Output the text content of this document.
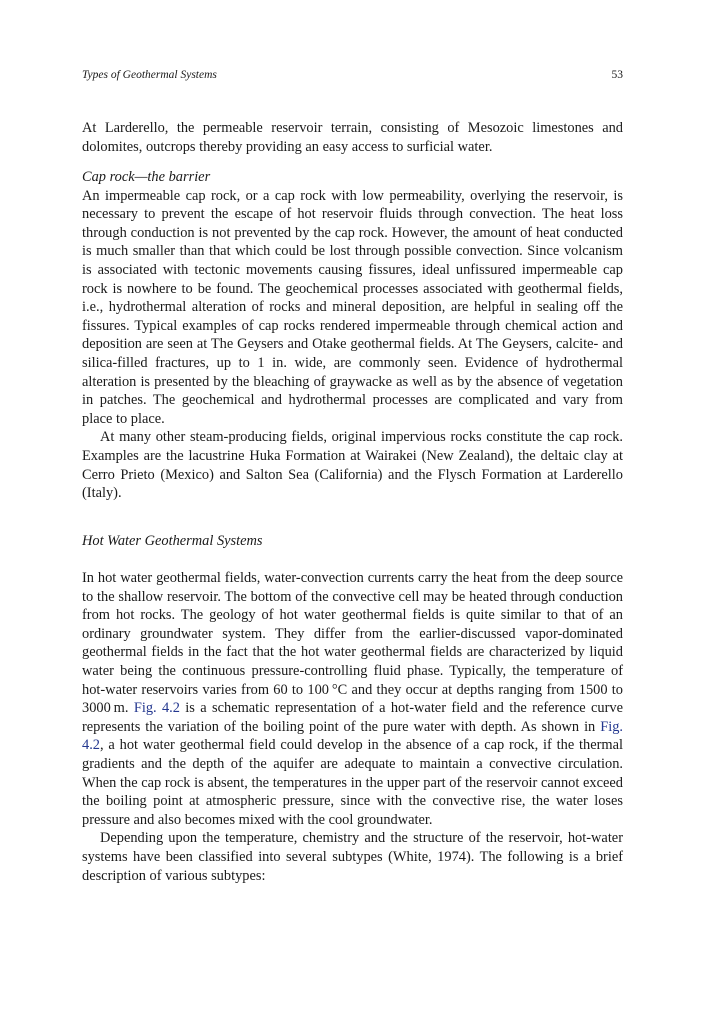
Types of Geothermal Systems	53

At Larderello, the permeable reservoir terrain, consisting of Mesozoic limestones and dolomites, outcrops thereby providing an easy access to surficial water.

Cap rock—the barrier

An impermeable cap rock, or a cap rock with low permeability, overlying the reservoir, is necessary to prevent the escape of hot reservoir fluids through convection. The heat loss through conduction is not prevented by the cap rock. However, the amount of heat conducted is much smaller than that which could be lost through possible convection. Since volcanism is associated with tectonic movements causing fissures, ideal unfissured impermeable cap rock is nowhere to be found. The geochemical processes associated with geothermal fields, i.e., hydrothermal alteration of rocks and mineral deposition, are helpful in sealing off the fissures. Typical examples of cap rocks rendered impermeable through chemical action and deposition are seen at The Geysers and Otake geothermal fields. At The Geysers, calcite- and silica-filled fractures, up to 1 in. wide, are commonly seen. Evidence of hydrothermal alteration is presented by the bleaching of graywacke as well as by the absence of vegetation in patches. The geochemical and hydrothermal processes are complicated and vary from place to place.

At many other steam-producing fields, original impervious rocks constitute the cap rock. Examples are the lacustrine Huka Formation at Wairakei (New Zealand), the deltaic clay at Cerro Prieto (Mexico) and Salton Sea (California) and the Flysch Formation at Larderello (Italy).

Hot Water Geothermal Systems

In hot water geothermal fields, water-convection currents carry the heat from the deep source to the shallow reservoir. The bottom of the convective cell may be heated through conduction from hot rocks. The geology of hot water geothermal fields is quite similar to that of an ordinary groundwater system. They differ from the earlier-discussed vapor-dominated geothermal fields in the fact that the hot water geothermal fields are characterized by liquid water being the continuous pressure-controlling fluid phase. Typically, the temperature of hot-water reservoirs varies from 60 to 100 °C and they occur at depths ranging from 1500 to 3000 m. Fig. 4.2 is a schematic representation of a hot-water field and the reference curve represents the variation of the boiling point of the pure water with depth. As shown in Fig. 4.2, a hot water geothermal field could develop in the absence of a cap rock, if the thermal gradients and the depth of the aquifer are adequate to maintain a convective circulation. When the cap rock is absent, the temperatures in the upper part of the reservoir cannot exceed the boiling point at atmospheric pressure, since with the convective rise, the water loses pressure and also becomes mixed with the cool groundwater.

Depending upon the temperature, chemistry and the structure of the reservoir, hot-water systems have been classified into several subtypes (White, 1974). The following is a brief description of various subtypes:
